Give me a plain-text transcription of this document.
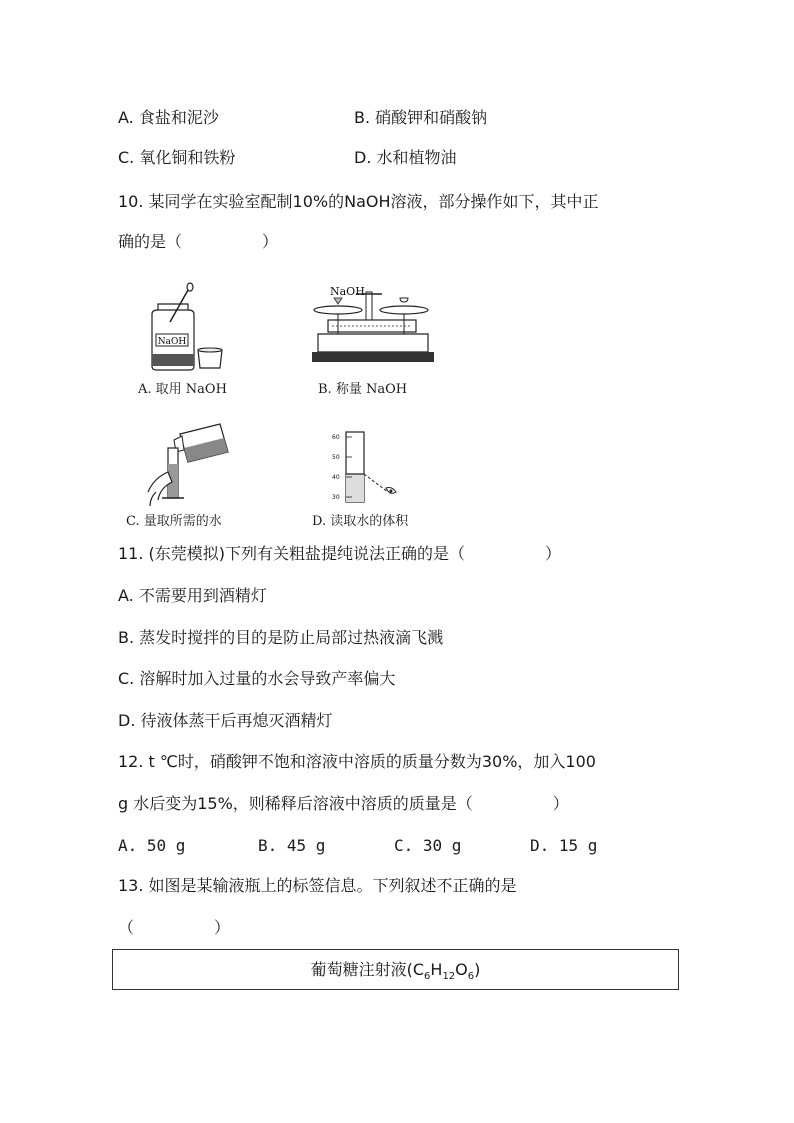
A. 食盐和泥沙	B. 硝酸钾和硝酸钠
C. 氧化铜和铁粉	D. 水和植物油
10. 某同学在实验室配制10%的NaOH溶液，部分操作如下，其中正
确的是（　　　　　）
NaOH
A. 取用 NaOH
NaOH
B. 称量 NaOH
C. 量取所需的水
60
50
40
30
D. 读取水的体积
11. (东莞模拟)下列有关粗盐提纯说法正确的是（　　　　　）
A. 不需要用到酒精灯
B. 蒸发时搅拌的目的是防止局部过热液滴飞溅
C. 溶解时加入过量的水会导致产率偏大
D. 待液体蒸干后再熄灭酒精灯
12. t ℃时，硝酸钾不饱和溶液中溶质的质量分数为30%，加入100
g 水后变为15%，则稀释后溶液中溶质的质量是（　　　　　）
A. 50 g	B. 45 g	C. 30 g	D. 15 g
13. 如图是某输液瓶上的标签信息。下列叙述不正确的是
（　　　　　）
葡萄糖注射液$(C_6H_{12}O_6)$
